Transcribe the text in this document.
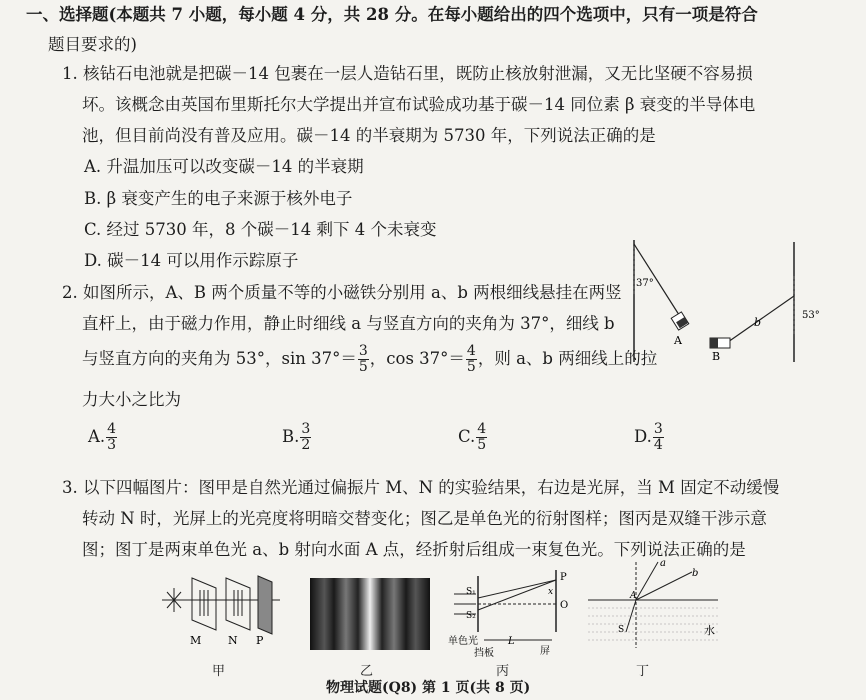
一、选择题(本题共 7 小题，每小题 4 分，共 28 分。在每小题给出的四个选项中，只有一项是符合
题目要求的)
1. 核钻石电池就是把碳－14 包裹在一层人造钻石里，既防止核放射泄漏，又无比坚硬不容易损
坏。该概念由英国布里斯托尔大学提出并宣布试验成功基于碳－14 同位素 β 衰变的半导体电
池，但目前尚没有普及应用。碳－14 的半衰期为 5730 年，下列说法正确的是
A. 升温加压可以改变碳－14 的半衰期
B. β 衰变产生的电子来源于核外电子
C. 经过 5730 年，8 个碳－14 剩下 4 个未衰变
D. 碳－14 可以用作示踪原子
2. 如图所示，A、B 两个质量不等的小磁铁分别用 a、b 两根细线悬挂在两竖
直杆上，由于磁力作用，静止时细线 a 与竖直方向的夹角为 37°，细线 b
与竖直方向的夹角为 53°，$\sin 37^\circ= \frac{3}{5}$ ，$\cos 37^\circ= \frac{4}{5}$ ，则 a、b 两细线上的拉
力大小之比为
A. $\frac{4}{3}$	B. $\frac{3}{2}$	C. $\frac{4}{5}$	D. $\frac{3}{4}$
37°
A
53°
b
B
3. 以下四幅图片：图甲是自然光通过偏振片 M、N 的实验结果，右边是光屏，当 M 固定不动缓慢
转动 N 时，光屏上的光亮度将明暗交替变化；图乙是单色光的衍射图样；图丙是双缝干涉示意
图；图丁是两束单色光 a、b 射向水面 A 点，经折射后组成一束复色光。下列说法正确的是
M N P
甲	乙
S₁
S₂
P
O
x
单色光	L
屏
挡板
丙
a
b
A
S	水
丁
物理试题(Q8) 第 1 页(共 8 页)
